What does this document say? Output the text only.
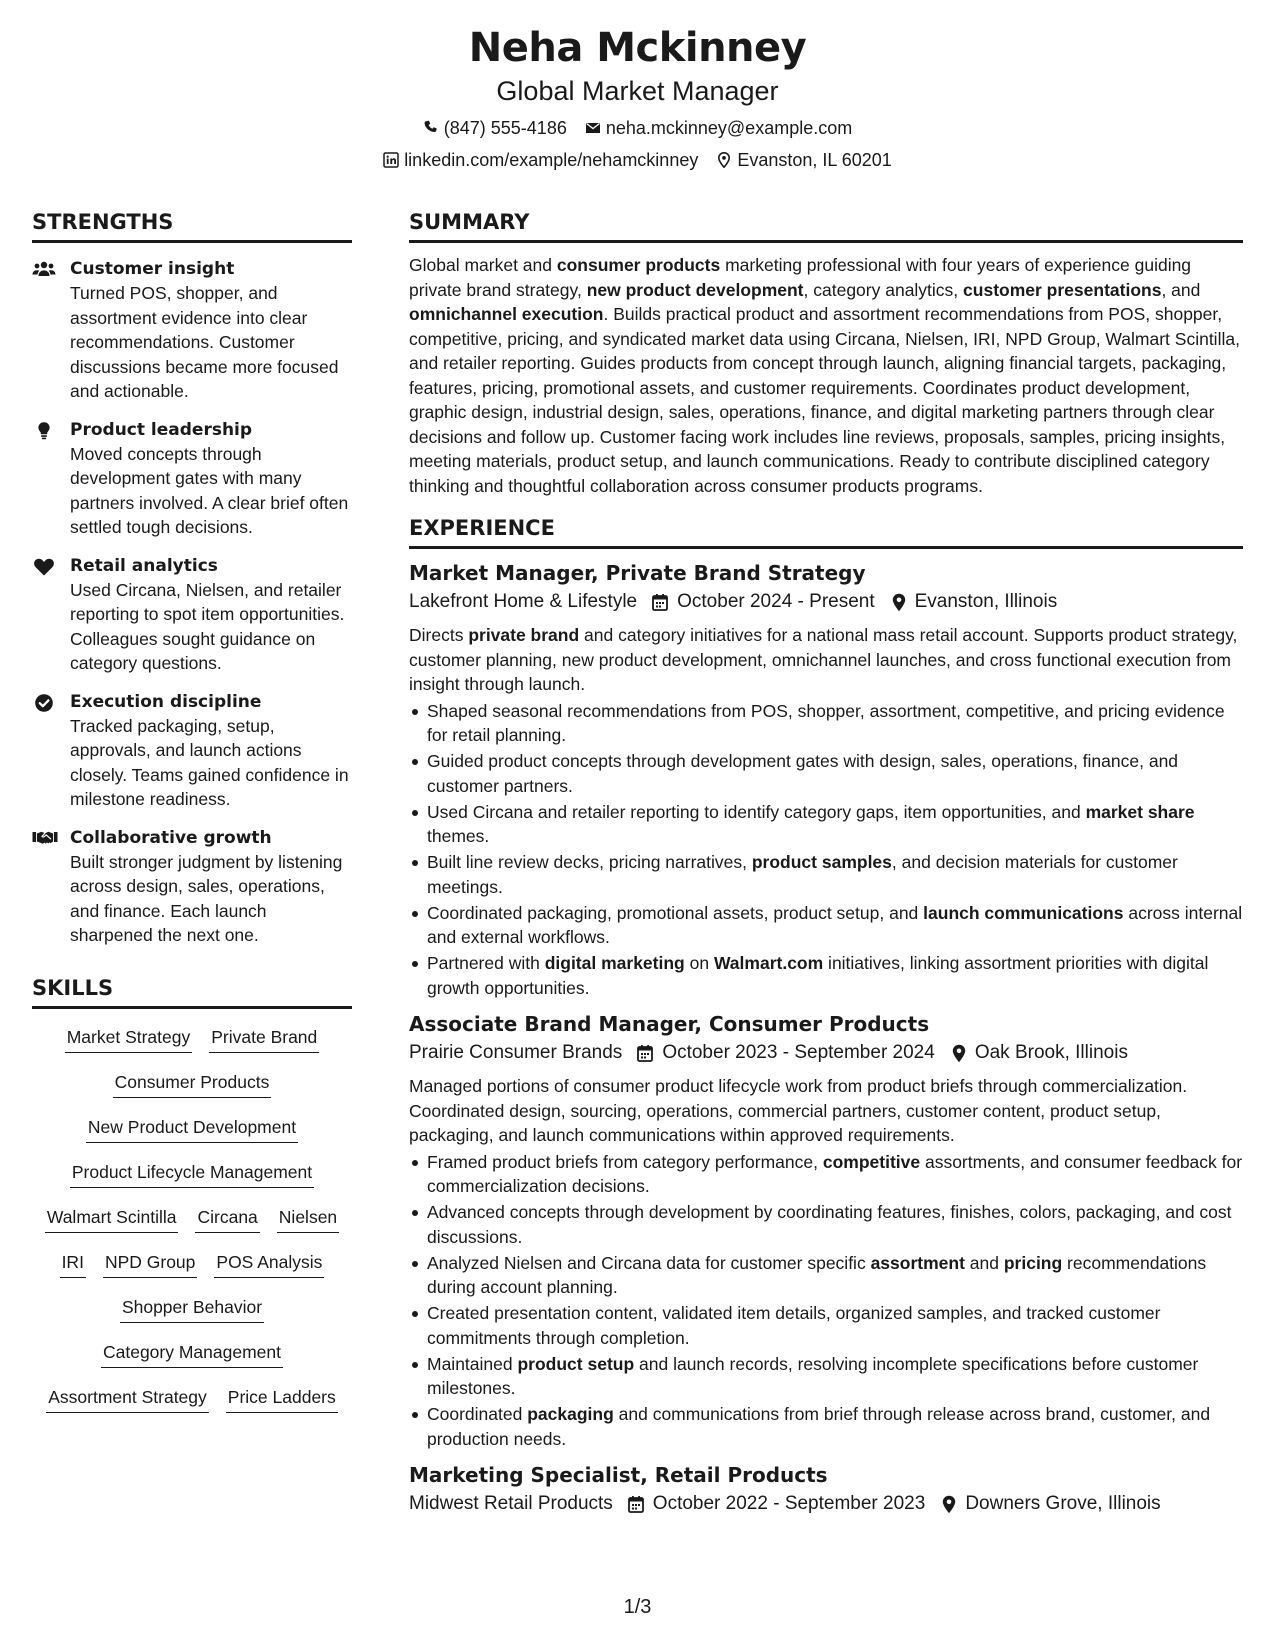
Neha Mckinney
Global Market Manager
(847) 555-4186 neha.mckinney@example.com
linkedin.com/example/nehamckinney Evanston, IL 60201
STRENGTHS
Customer insight
Turned POS, shopper, and assortment evidence into clear recommendations. Customer discussions became more focused and actionable.
Product leadership
Moved concepts through development gates with many partners involved. A clear brief often settled tough decisions.
Retail analytics
Used Circana, Nielsen, and retailer reporting to spot item opportunities. Colleagues sought guidance on category questions.
Execution discipline
Tracked packaging, setup, approvals, and launch actions closely. Teams gained confidence in milestone readiness.
Collaborative growth
Built stronger judgment by listening across design, sales, operations, and finance. Each launch sharpened the next one.
SKILLS
Market Strategy Private Brand
Consumer Products
New Product Development
Product Lifecycle Management
Walmart Scintilla Circana Nielsen
IRI NPD Group POS Analysis
Shopper Behavior
Category Management
Assortment Strategy Price Ladders
SUMMARY
Global market and consumer products marketing professional with four years of experience guiding private brand strategy, new product development, category analytics, customer presentations, and omnichannel execution. Builds practical product and assortment recommendations from POS, shopper, competitive, pricing, and syndicated market data using Circana, Nielsen, IRI, NPD Group, Walmart Scintilla, and retailer reporting. Guides products from concept through launch, aligning financial targets, packaging, features, pricing, promotional assets, and customer requirements. Coordinates product development, graphic design, industrial design, sales, operations, finance, and digital marketing partners through clear decisions and follow up. Customer facing work includes line reviews, proposals, samples, pricing insights, meeting materials, product setup, and launch communications. Ready to contribute disciplined category thinking and thoughtful collaboration across consumer products programs.
EXPERIENCE
Market Manager, Private Brand Strategy
Lakefront Home & Lifestyle October 2024 - Present Evanston, Illinois
Directs private brand and category initiatives for a national mass retail account. Supports product strategy, customer planning, new product development, omnichannel launches, and cross functional execution from insight through launch.
Shaped seasonal recommendations from POS, shopper, assortment, competitive, and pricing evidence for retail planning.
Guided product concepts through development gates with design, sales, operations, finance, and customer partners.
Used Circana and retailer reporting to identify category gaps, item opportunities, and market share themes.
Built line review decks, pricing narratives, product samples, and decision materials for customer meetings.
Coordinated packaging, promotional assets, product setup, and launch communications across internal and external workflows.
Partnered with digital marketing on Walmart.com initiatives, linking assortment priorities with digital growth opportunities.
Associate Brand Manager, Consumer Products
Prairie Consumer Brands October 2023 - September 2024 Oak Brook, Illinois
Managed portions of consumer product lifecycle work from product briefs through commercialization. Coordinated design, sourcing, operations, commercial partners, customer content, product setup, packaging, and launch communications within approved requirements.
Framed product briefs from category performance, competitive assortments, and consumer feedback for commercialization decisions.
Advanced concepts through development by coordinating features, finishes, colors, packaging, and cost discussions.
Analyzed Nielsen and Circana data for customer specific assortment and pricing recommendations during account planning.
Created presentation content, validated item details, organized samples, and tracked customer commitments through completion.
Maintained product setup and launch records, resolving incomplete specifications before customer milestones.
Coordinated packaging and communications from brief through release across brand, customer, and production needs.
Marketing Specialist, Retail Products
Midwest Retail Products October 2022 - September 2023 Downers Grove, Illinois
1/3
